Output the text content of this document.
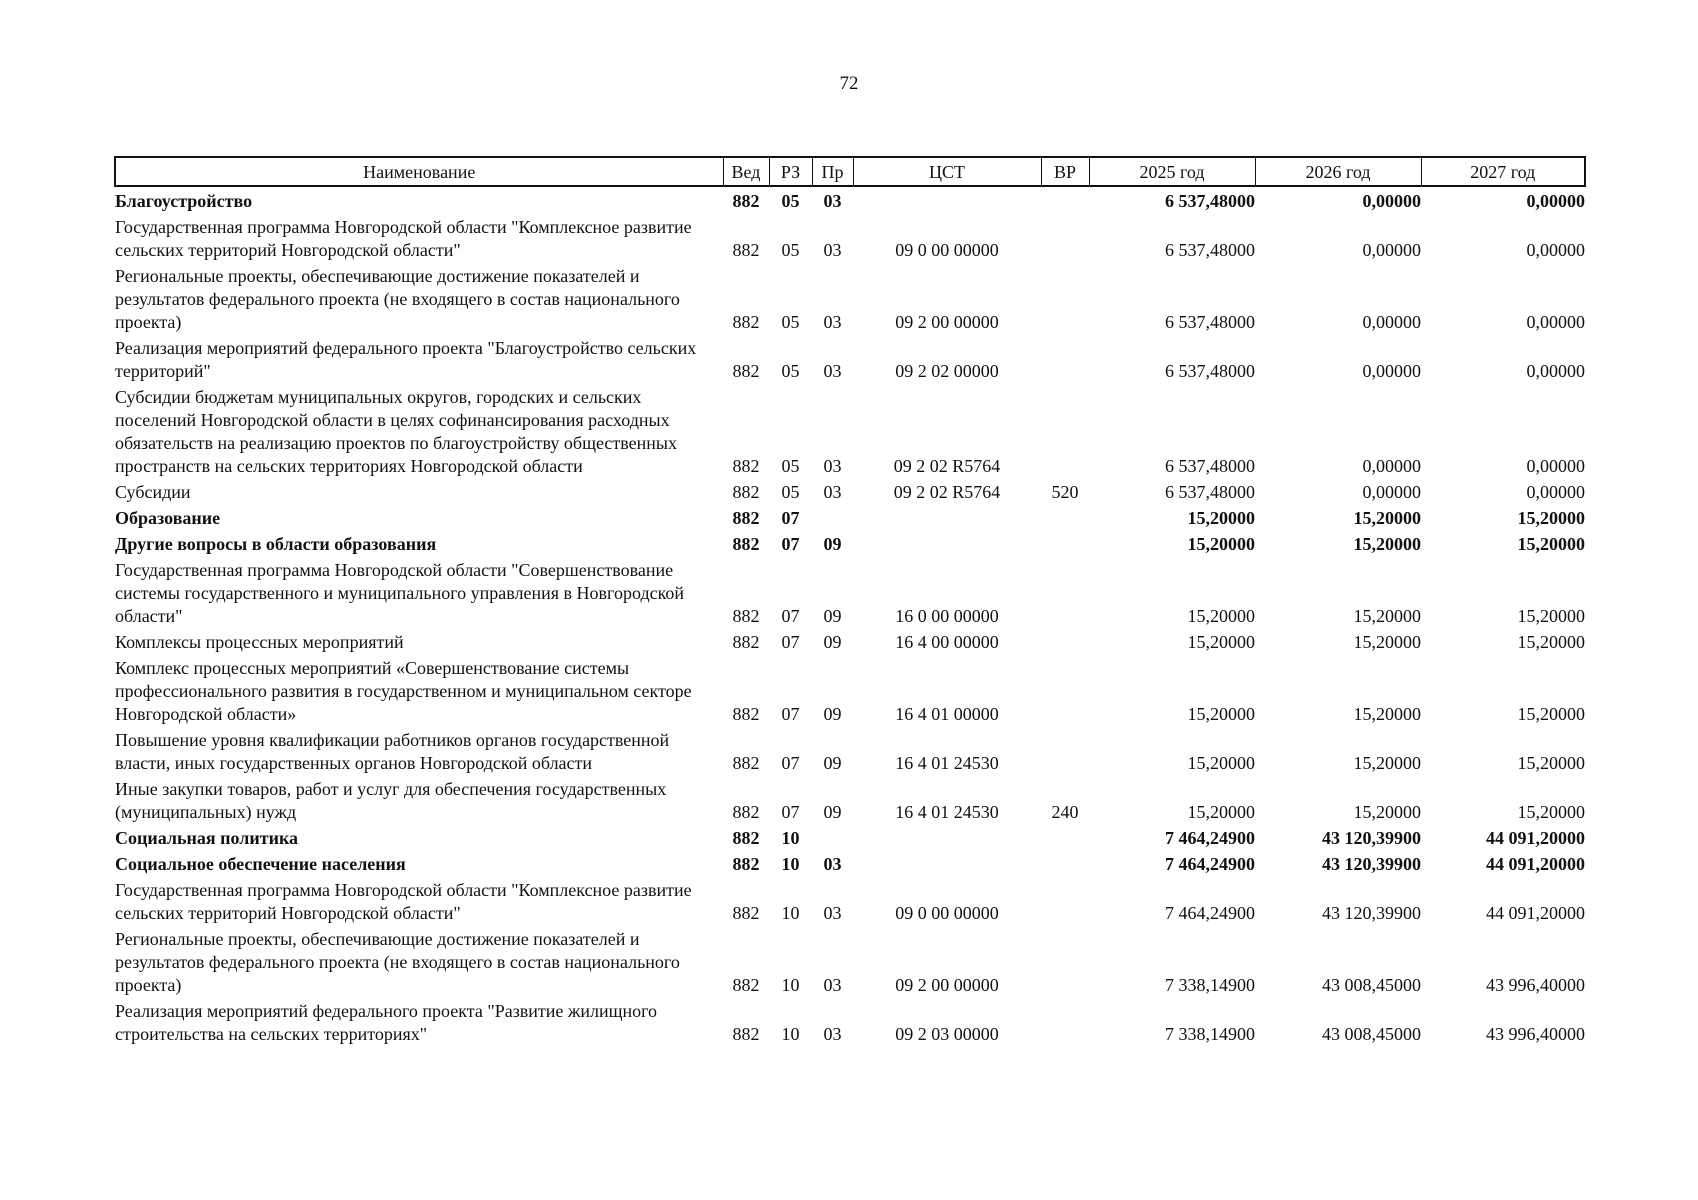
72
Наименование	Вед	РЗ	Пр	ЦСТ	ВР	2025 год	2026 год	2027 год
Благоустройство	882	05	03			6 537,48000	0,00000	0,00000
Государственная программа Новгородской области "Комплексное развитие сельских территорий Новгородской области"	882	05	03	09 0 00 00000		6 537,48000	0,00000	0,00000
Региональные проекты, обеспечивающие достижение показателей и результатов федерального проекта (не входящего в состав национального проекта)	882	05	03	09 2 00 00000		6 537,48000	0,00000	0,00000
Реализация мероприятий федерального проекта "Благоустройство сельских территорий"	882	05	03	09 2 02 00000		6 537,48000	0,00000	0,00000
Субсидии бюджетам муниципальных округов, городских и сельских поселений Новгородской области в целях софинансирования расходных обязательств на реализацию проектов по благоустройству общественных пространств на сельских территориях Новгородской области	882	05	03	09 2 02 R5764		6 537,48000	0,00000	0,00000
Субсидии	882	05	03	09 2 02 R5764	520	6 537,48000	0,00000	0,00000
Образование	882	07				15,20000	15,20000	15,20000
Другие вопросы в области образования	882	07	09			15,20000	15,20000	15,20000
Государственная программа Новгородской области "Совершенствование системы государственного и муниципального управления в Новгородской области"	882	07	09	16 0 00 00000		15,20000	15,20000	15,20000
Комплексы процессных мероприятий	882	07	09	16 4 00 00000		15,20000	15,20000	15,20000
Комплекс процессных мероприятий «Совершенствование системы профессионального развития в государственном и муниципальном секторе Новгородской области»	882	07	09	16 4 01 00000		15,20000	15,20000	15,20000
Повышение уровня квалификации работников органов государственной власти, иных государственных органов Новгородской области	882	07	09	16 4 01 24530		15,20000	15,20000	15,20000
Иные закупки товаров, работ и услуг для обеспечения государственных (муниципальных) нужд	882	07	09	16 4 01 24530	240	15,20000	15,20000	15,20000
Социальная политика	882	10				7 464,24900	43 120,39900	44 091,20000
Социальное обеспечение населения	882	10	03			7 464,24900	43 120,39900	44 091,20000
Государственная программа Новгородской области "Комплексное развитие сельских территорий Новгородской области"	882	10	03	09 0 00 00000		7 464,24900	43 120,39900	44 091,20000
Региональные проекты, обеспечивающие достижение показателей и результатов федерального проекта (не входящего в состав национального проекта)	882	10	03	09 2 00 00000		7 338,14900	43 008,45000	43 996,40000
Реализация мероприятий федерального проекта "Развитие жилищного строительства на сельских территориях"	882	10	03	09 2 03 00000		7 338,14900	43 008,45000	43 996,40000
